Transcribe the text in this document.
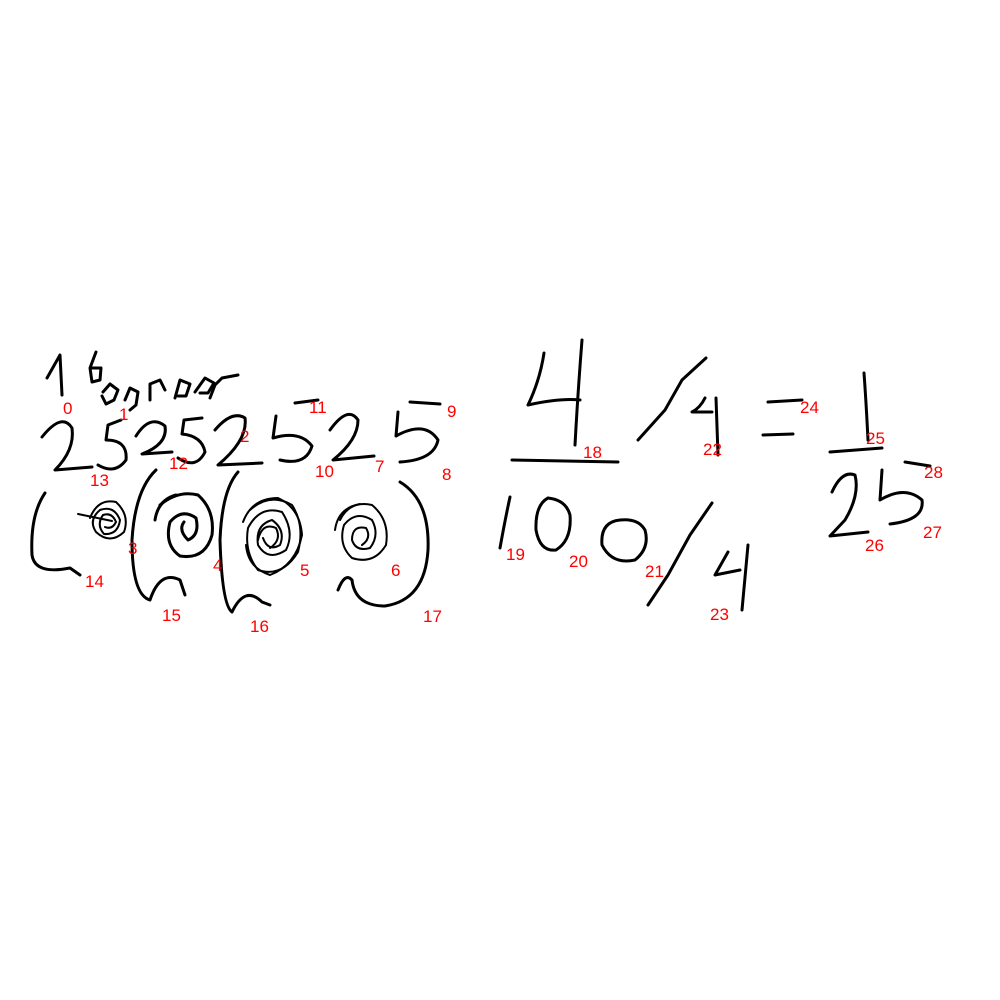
0	1
2
3
4	5	6
7	8
9
10
11
12
13
14
15
16
17
18
19	20
21
22
23
24
25
26
27
28
